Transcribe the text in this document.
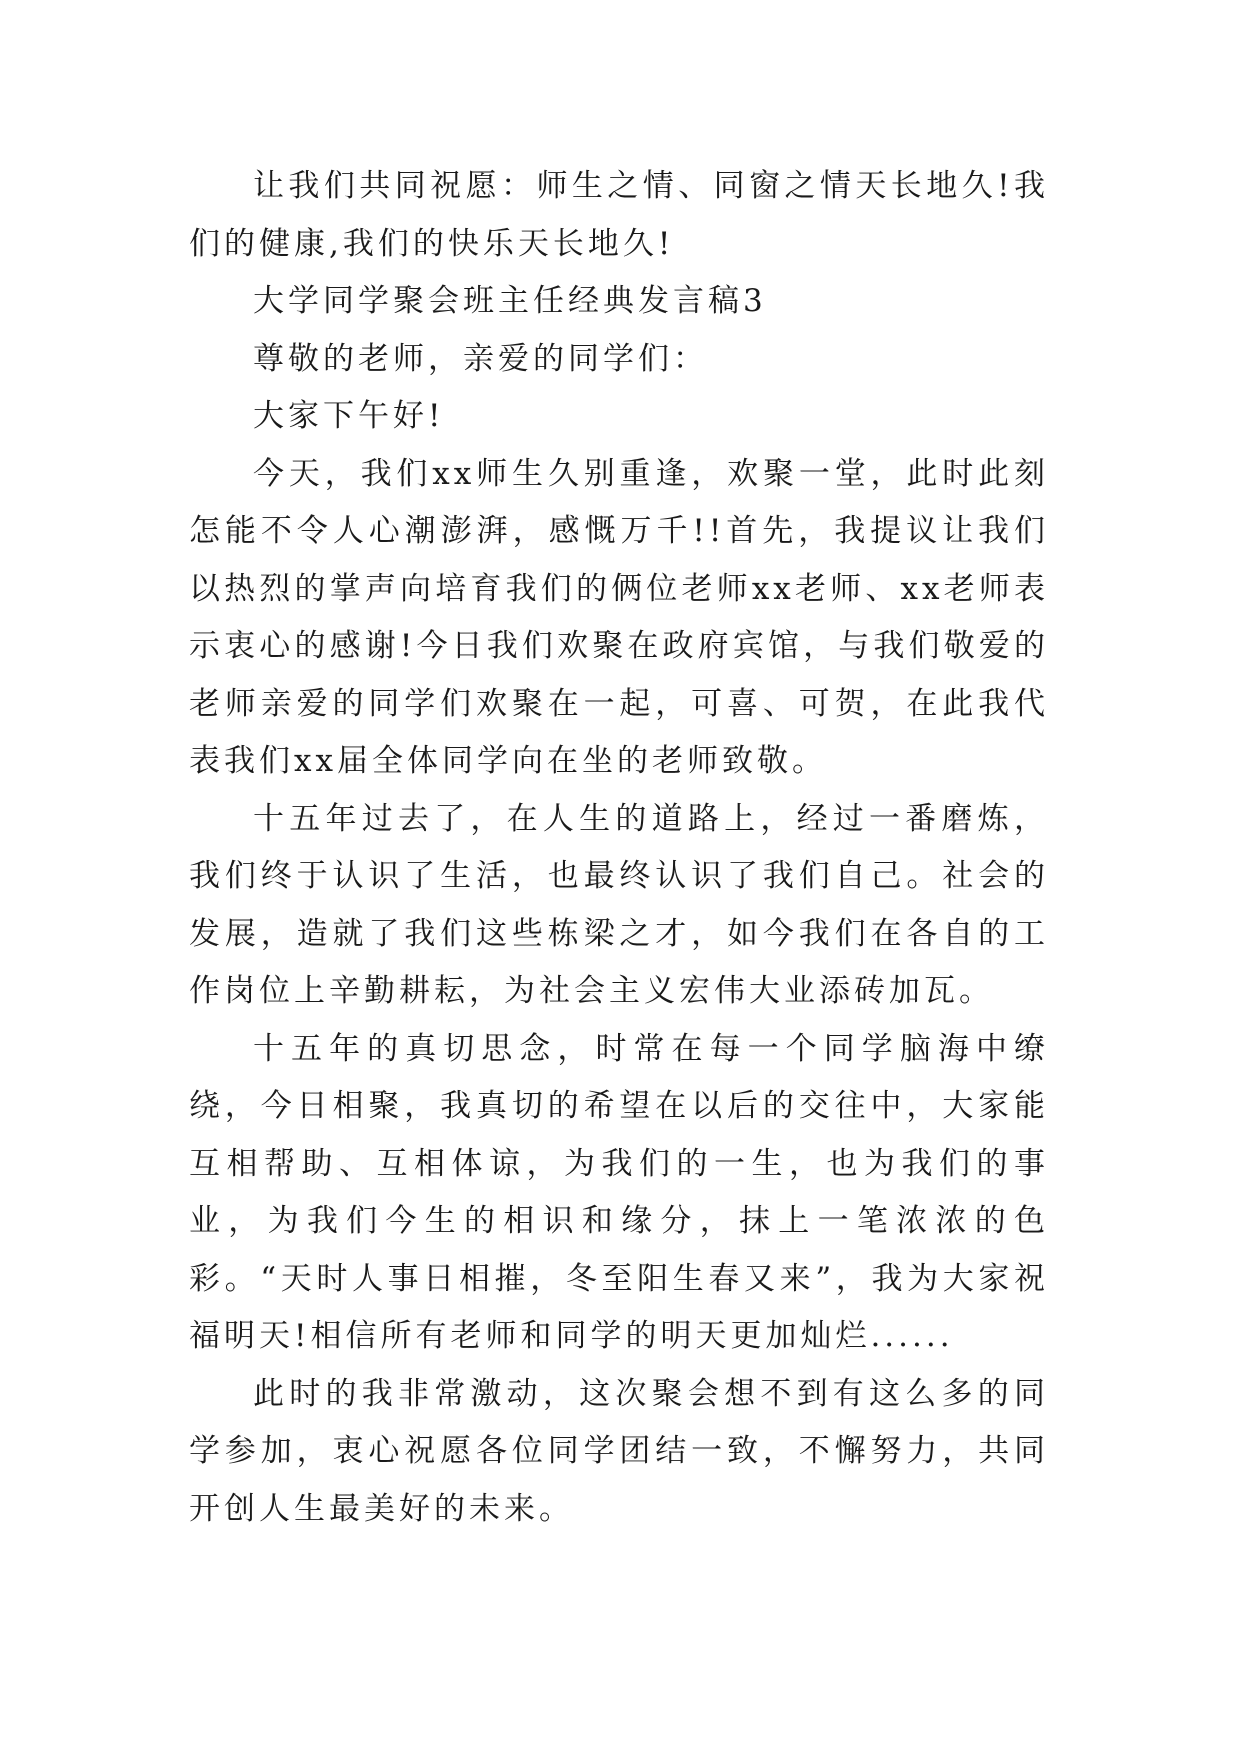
让我们共同祝愿：师生之情、同窗之情天长地久!我们的健康,我们的快乐天长地久!

大学同学聚会班主任经典发言稿3

尊敬的老师，亲爱的同学们：

大家下午好!

今天，我们xx师生久别重逢，欢聚一堂，此时此刻怎能不令人心潮澎湃，感慨万千!!首先，我提议让我们以热烈的掌声向培育我们的俩位老师xx老师、xx老师表示衷心的感谢!今日我们欢聚在政府宾馆，与我们敬爱的老师亲爱的同学们欢聚在一起，可喜、可贺，在此我代表我们xx届全体同学向在坐的老师致敬。

十五年过去了，在人生的道路上，经过一番磨炼，我们终于认识了生活，也最终认识了我们自己。社会的发展，造就了我们这些栋梁之才，如今我们在各自的工作岗位上辛勤耕耘，为社会主义宏伟大业添砖加瓦。

十五年的真切思念，时常在每一个同学脑海中缭绕，今日相聚，我真切的希望在以后的交往中，大家能互相帮助、互相体谅，为我们的一生，也为我们的事业，为我们今生的相识和缘分，抹上一笔浓浓的色彩。“天时人事日相摧，冬至阳生春又来”，我为大家祝福明天!相信所有老师和同学的明天更加灿烂......

此时的我非常激动，这次聚会想不到有这么多的同学参加，衷心祝愿各位同学团结一致，不懈努力，共同开创人生最美好的未来。
